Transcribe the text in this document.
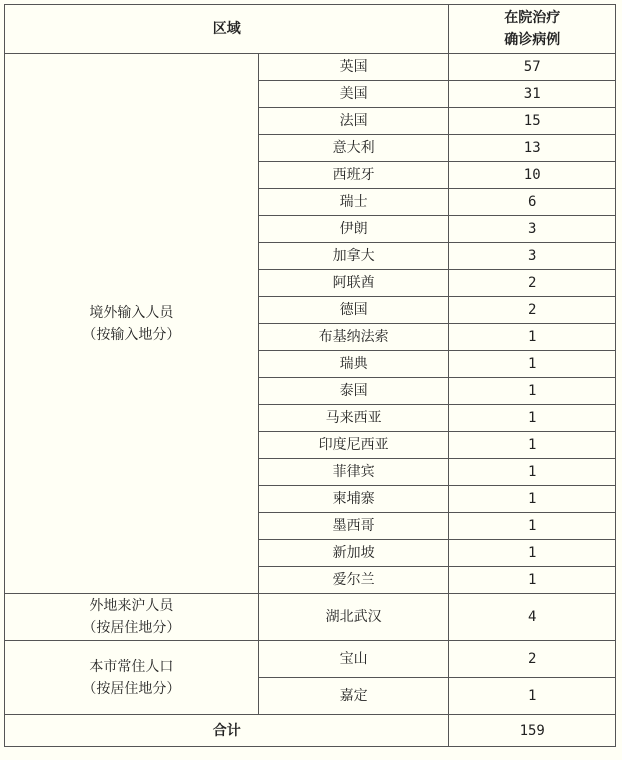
区域		在院治疗
确诊病例
境外输入人员
（按输入地分）	英国	57
	美国	31
	法国	15
	意大利	13
	西班牙	10
	瑞士	6
	伊朗	3
	加拿大	3
	阿联酋	2
	德国	2
	布基纳法索	1
	瑞典	1
	泰国	1
	马来西亚	1
	印度尼西亚	1
	菲律宾	1
	柬埔寨	1
	墨西哥	1
	新加坡	1
	爱尔兰	1
外地来沪人员
（按居住地分）	湖北武汉	4
本市常住人口
（按居住地分）	宝山	2
	嘉定	1
合计		159
